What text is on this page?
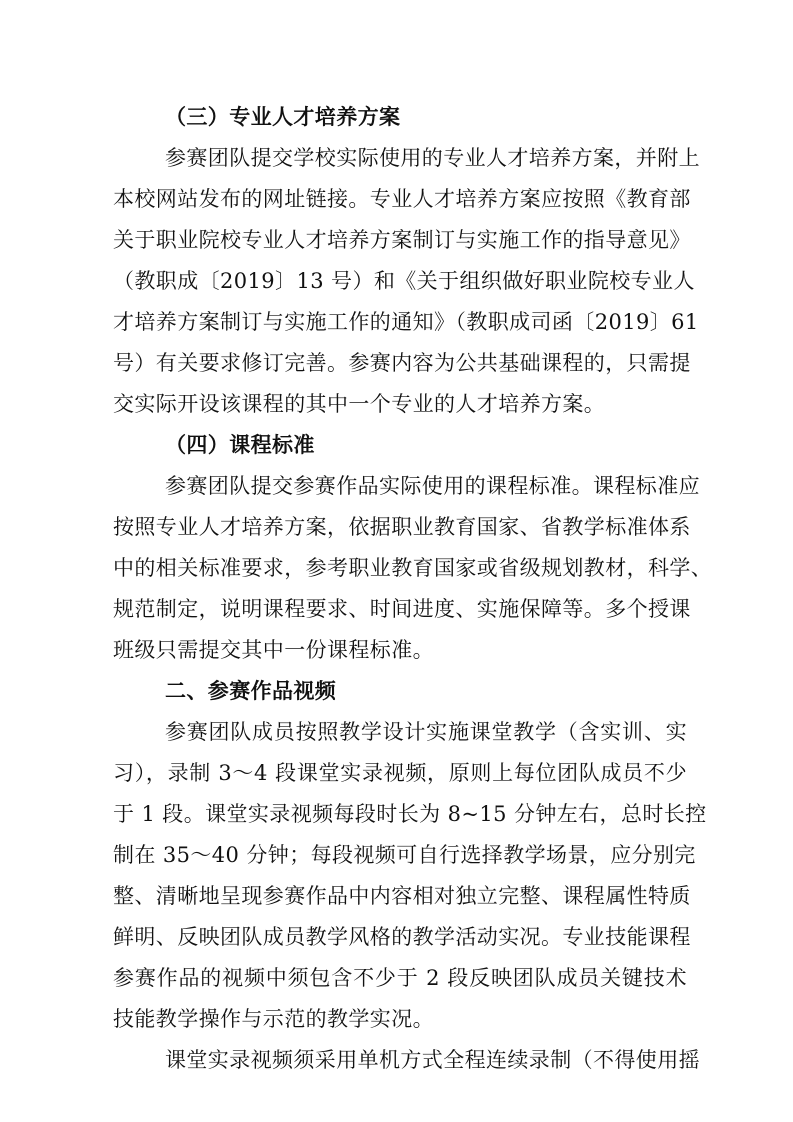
（三）专业人才培养方案
参赛团队提交学校实际使用的专业人才培养方案，并附上
本校网站发布的网址链接。专业人才培养方案应按照《教育部
关于职业院校专业人才培养方案制订与实施工作的指导意见》
（教职成〔2019〕13 号）和《关于组织做好职业院校专业人
才培养方案制订与实施工作的通知》（教职成司函〔2019〕61
号）有关要求修订完善。参赛内容为公共基础课程的，只需提
交实际开设该课程的其中一个专业的人才培养方案。
（四）课程标准
参赛团队提交参赛作品实际使用的课程标准。课程标准应
按照专业人才培养方案，依据职业教育国家、省教学标准体系
中的相关标准要求，参考职业教育国家或省级规划教材，科学、
规范制定，说明课程要求、时间进度、实施保障等。多个授课
班级只需提交其中一份课程标准。
二、参赛作品视频
参赛团队成员按照教学设计实施课堂教学（含实训、实
习），录制 3～4 段课堂实录视频，原则上每位团队成员不少
于 1 段。课堂实录视频每段时长为 8~15 分钟左右，总时长控
制在 35～40 分钟；每段视频可自行选择教学场景，应分别完
整、清晰地呈现参赛作品中内容相对独立完整、课程属性特质
鲜明、反映团队成员教学风格的教学活动实况。专业技能课程
参赛作品的视频中须包含不少于 2 段反映团队成员关键技术
技能教学操作与示范的教学实况。
课堂实录视频须采用单机方式全程连续录制（不得使用摇
